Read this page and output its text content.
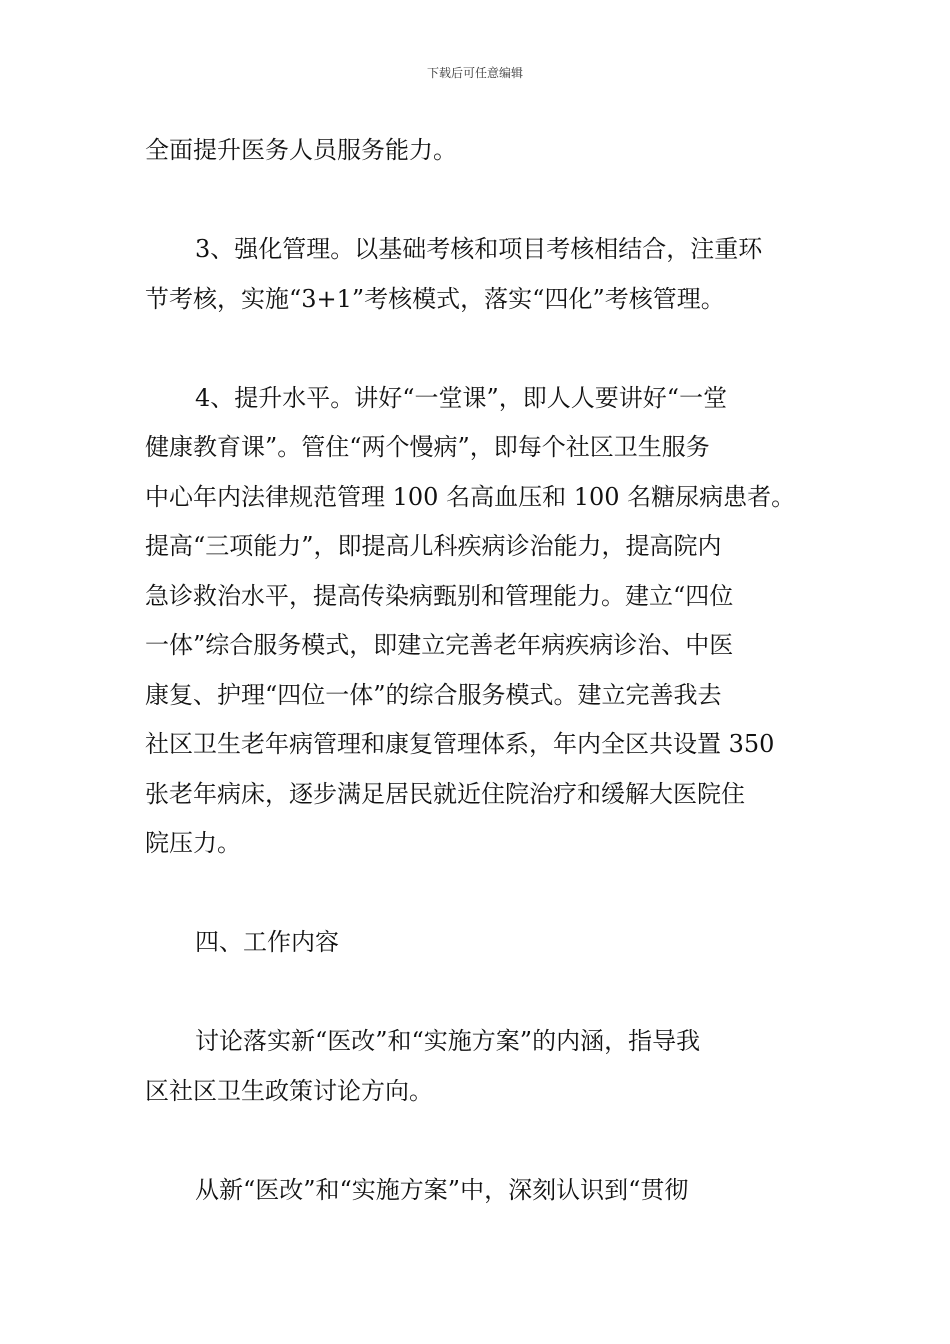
下载后可任意编辑
全面提升医务人员服务能力。
3、强化管理。以基础考核和项目考核相结合，注重环
节考核，实施“3+1”考核模式，落实“四化”考核管理。
4、提升水平。讲好“一堂课”，即人人要讲好“一堂
健康教育课”。管住“两个慢病”，即每个社区卫生服务
中心年内法律规范管理 100 名高血压和 100 名糖尿病患者。
提高“三项能力”，即提高儿科疾病诊治能力，提高院内
急诊救治水平，提高传染病甄别和管理能力。建立“四位
一体”综合服务模式，即建立完善老年病疾病诊治、中医
康复、护理“四位一体”的综合服务模式。建立完善我去
社区卫生老年病管理和康复管理体系，年内全区共设置 350
张老年病床，逐步满足居民就近住院治疗和缓解大医院住
院压力。
四、工作内容
讨论落实新“医改”和“实施方案”的内涵，指导我
区社区卫生政策讨论方向。
从新“医改”和“实施方案”中，深刻认识到“贯彻
